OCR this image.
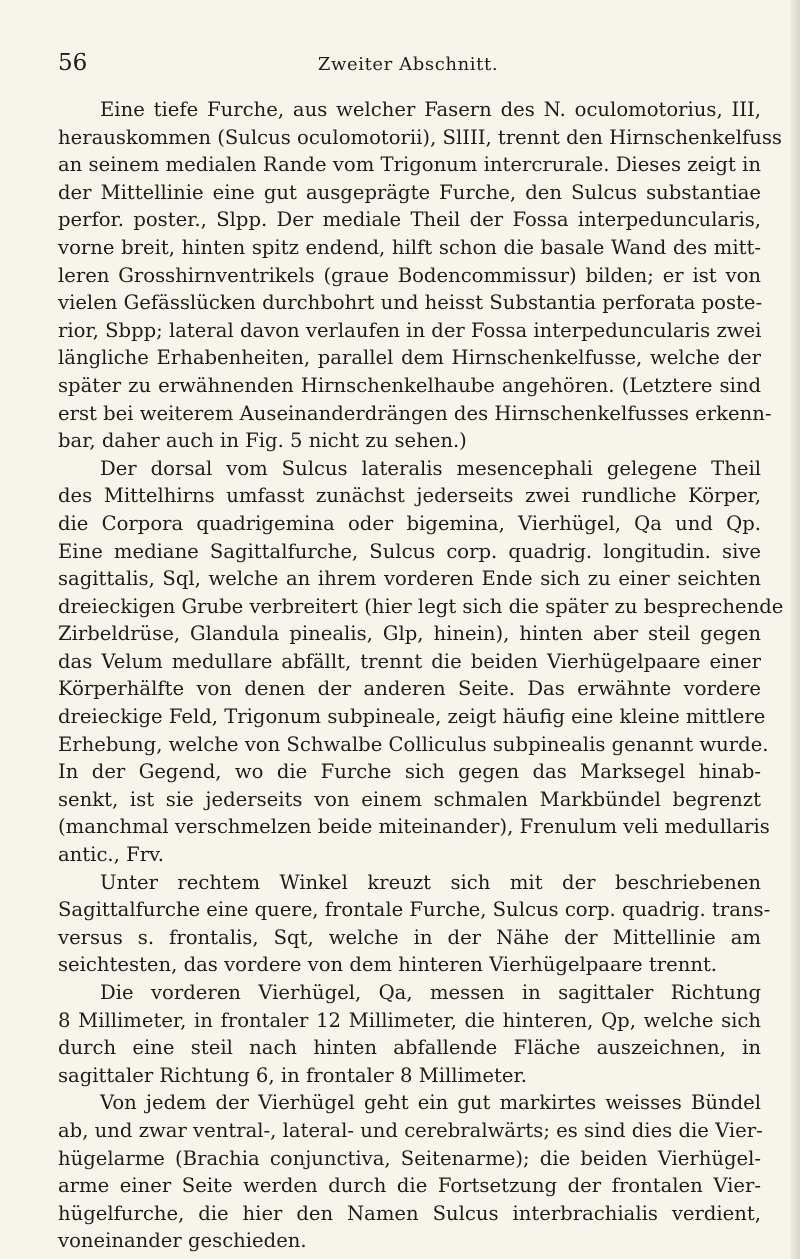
56	Zweiter Abschnitt.
Eine tiefe Furche, aus welcher Fasern des N. oculomotorius, III,
herauskommen (Sulcus oculomotorii), SlIII, trennt den Hirnschenkelfuss
an seinem medialen Rande vom Trigonum intercrurale. Dieses zeigt in
der Mittellinie eine gut ausgeprägte Furche, den Sulcus substantiae
perfor. poster., Slpp. Der mediale Theil der Fossa interpeduncularis,
vorne breit, hinten spitz endend, hilft schon die basale Wand des mitt-
leren Grosshirnventrikels (graue Bodencommissur) bilden; er ist von
vielen Gefässlücken durchbohrt und heisst Substantia perforata poste-
rior, Sbpp; lateral davon verlaufen in der Fossa interpeduncularis zwei
längliche Erhabenheiten, parallel dem Hirnschenkelfusse, welche der
später zu erwähnenden Hirnschenkelhaube angehören. (Letztere sind
erst bei weiterem Auseinanderdrängen des Hirnschenkelfusses erkenn-
bar, daher auch in Fig. 5 nicht zu sehen.)
Der dorsal vom Sulcus lateralis mesencephali gelegene Theil
des Mittelhirns umfasst zunächst jederseits zwei rundliche Körper,
die Corpora quadrigemina oder bigemina, Vierhügel, Qa und Qp.
Eine mediane Sagittalfurche, Sulcus corp. quadrig. longitudin. sive
sagittalis, Sql, welche an ihrem vorderen Ende sich zu einer seichten
dreieckigen Grube verbreitert (hier legt sich die später zu besprechende
Zirbeldrüse, Glandula pinealis, Glp, hinein), hinten aber steil gegen
das Velum medullare abfällt, trennt die beiden Vierhügelpaare einer
Körperhälfte von denen der anderen Seite. Das erwähnte vordere
dreieckige Feld, Trigonum subpineale, zeigt häufig eine kleine mittlere
Erhebung, welche von Schwalbe Colliculus subpinealis genannt wurde.
In der Gegend, wo die Furche sich gegen das Marksegel hinab-
senkt, ist sie jederseits von einem schmalen Markbündel begrenzt
(manchmal verschmelzen beide miteinander), Frenulum veli medullaris
antic., Frv.
Unter rechtem Winkel kreuzt sich mit der beschriebenen
Sagittalfurche eine quere, frontale Furche, Sulcus corp. quadrig. trans-
versus s. frontalis, Sqt, welche in der Nähe der Mittellinie am
seichtesten, das vordere von dem hinteren Vierhügelpaare trennt.
Die vorderen Vierhügel, Qa, messen in sagittaler Richtung
8 Millimeter, in frontaler 12 Millimeter, die hinteren, Qp, welche sich
durch eine steil nach hinten abfallende Fläche auszeichnen, in
sagittaler Richtung 6, in frontaler 8 Millimeter.
Von jedem der Vierhügel geht ein gut markirtes weisses Bündel
ab, und zwar ventral-, lateral- und cerebralwärts; es sind dies die Vier-
hügelarme (Brachia conjunctiva, Seitenarme); die beiden Vierhügel-
arme einer Seite werden durch die Fortsetzung der frontalen Vier-
hügelfurche, die hier den Namen Sulcus interbrachialis verdient,
voneinander geschieden.
